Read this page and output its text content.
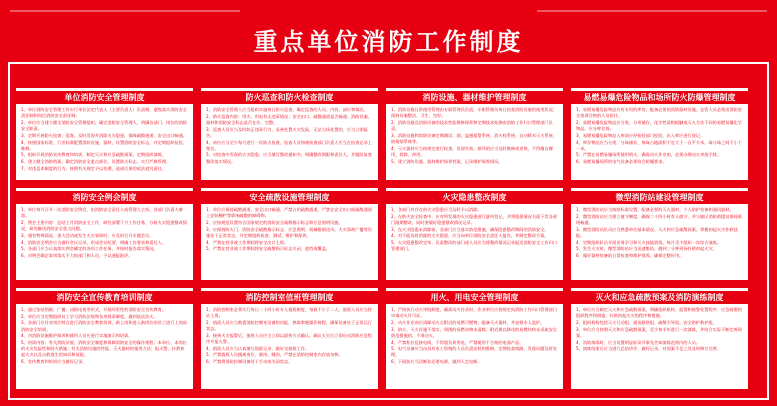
重点单位消防工作制度
单位消防安全管理制度

1、单位消防安全管理工作实行单位法定代表人（主要负责人）负责制，逐级落实消防安全责任制和岗位消防安全责任制。

2、单位应当建立健全消防安全管理组织，确定消防安全管理人，明确各部门、岗位的消防安全职责。

3、定期开展防火检查、巡查，及时发现并消除火灾隐患，保障疏散通道、安全出口畅通。

4、按照国家标准、行业标准配置消防设施、器材，设置消防安全标志，并定期组织检验、维修。

5、组织开展消防宣传教育和培训，制定灭火和应急疏散预案，定期组织演练。

6、建立健全消防档案，确定消防安全重点部位，设置防火标志，实行严格管理。

7、对违反本制度的行为，按照有关规定予以处理，造成后果的依法追究责任。

防火巡查和防火检查制度

1、消防安全管理人应当组织实施每日防火巡查，确定巡查的人员、内容、部位和频次。

2、防火巡查内容：用火、用电有无违章情况；安全出口、疏散通道是否畅通；消防设施、器材和消防安全标志是否在位、完整。

3、巡查人员应当及时纠正违章行为，妥善处置火灾危险，无法当场处置的，应当立即报告。

4、单位应当至少每月进行一次防火检查，检查人员和被检查部门负责人应当在检查记录上签名。

5、对检查中发现的火灾隐患，应当填写整改通知书，明确整改期限和责任人，并跟踪复查整改落实情况。

消防设施、器材维护管理制度

1、消防设施日常使用管理由专职管理员负责，专职管理员每日检查消防设施的使用状况，保持设施整洁、卫生、完好。

2、消防设施及消防设备的技术性能维修保养和定期技术检测由消防工作归口管理部门负责。

3、消防设施和消防设备定期测试：烟、温感报警系统、消火栓系统、自动喷水灭火系统、防排烟系统等。

4、灭火器材应当按规定进行检查，发现失效、损坏的应当及时维修或更换，不得擅自挪用、拆除、停用。

5、建立消防设施、器材维护保养档案，记录维护保养情况。

易燃易爆危险物品和场所防火防爆管理制度

1、易燃易爆危险物品应有专用的库房，配备必要的消防器材设施，仓管人员必须由消防安全培训合格的人员担任。

2、易燃易爆危险物品应分类、分项储存，化学性质相抵触或灭火方法不同的易燃易爆化学物品，应分库存放。

3、易燃易爆危险物品入库前应经检验部门检验，出入库应进行登记。

4、库存物品应当分类、分垛储存，每垛占地面积不宜大于一百平方米，垛与垛之间不小于一米。

5、严禁在易燃易爆场所使用明火，确需动火作业的，必须办理动火审批手续。

6、易燃易爆场所的电气设备必须符合防爆要求。

消防安全例会制度

1、单位每月召开一次消防安全例会，由消防安全责任人或管理人主持，各部门负责人参加。

2、例会主要内容：总结上月消防安全工作，研究部署下月工作任务，分析火灾隐患整改情况，研究解决消防安全重大问题。

3、遇有特殊情况、重大活动或发生火灾事故时，应及时召开专题会议。

4、消防安全例会应当做好会议记录，形成会议纪要，明确工作要求和责任人。

5、各部门应当认真落实例会确定的各项工作任务，并按时报告落实情况。

6、对例会确定事项落实不力的部门和人员，予以通报批评。

安全疏散设施管理制度

1、单位应保持疏散通道、安全出口畅通，严禁占用疏散通道，严禁在安全出口或疏散通道上安装栅栏等影响疏散的障碍物。

2、应按规范设置符合国家规定的消防安全疏散指示标志和应急照明设施。

3、应保持防火门、消防安全疏散指示标志、应急照明、机械排烟送风、火灾事故广播等设施处于正常状态，并定期组织检查、测试、维护和保养。

4、严禁在营业或工作期间将安全出口上锁。

5、严禁在营业或工作期间将安全疏散指示标志关闭、遮挡或覆盖。

火灾隐患整改制度

1、各部门对存在的火灾隐患应当及时予以消除。

2、在防火安全检查中，应对所发现的火灾隐患进行逐项登记，并将隐患情况书面下发各部门限期整改，同时要做好隐患整改情况记录。

3、在火灾隐患未消除前，各部门应当落实防范措施，确保隐患整改期间的消防安全。

4、对不能及时消除的火灾隐患，应当向单位消防安全责任人报告，并制定整改方案。

5、火灾隐患整改完毕，负责整改的部门或人员应当将整改情况记录报送消防安全工作归口管理部门。

微型消防站建设管理制度

1、微型消防站应当按照标准设置，配备必要的灭火器材、个人防护装备和通讯器材。

2、微型消防站应当建立值守制度，确保二十四小时有人值守，并与辖区消防救援站保持联络畅通。

3、微型消防站队员应当熟悉单位基本情况、灭火和应急疏散预案，掌握初起火灾扑救技能。

4、定期组织队员开展业务学习和灭火技能训练，每月至少组织一次综合演练。

5、发生火灾时，微型消防站应当迅速集结，做到三分钟到场扑救初起火灾。

6、做好器材装备的日常检查和维护保养，确保完整好用。

消防安全宣传教育培训制度

1、通过张贴图画、广播、闭路电视等形式，开展经常性的消防安全宣传教育。

2、单位应当定期组织员工学习消防法规和各项规章制度，做到依法治火。

3、各部门应针对岗位特点进行消防安全教育培训，新上岗和进入新岗位的员工进行上岗前消防安全培训。

4、对消防设施维护保养和使用人员应进行实地演示和培训。

5、培训内容：有关消防法规、消防安全制度和保障消防安全的操作规程；本单位、本岗位的火灾危险性和防火措施；有关消防设施的性能、灭火器材的使用方法；报火警、扑救初起火灾以及自救逃生的知识和技能。

6、宣传教育和培训应当做好记录。

消防控制室值班管理制度

1、消防控制室必须实行每日二十四小时专人值班制度，每班不少于二人，值班人员应当持证上岗。

2、值班人员应当熟悉消防控制室设备的功能，熟练掌握操作规程，确保设备处于正常运行状态。

3、接到火灾报警后，值班人员应当立即以最快方式确认，确认火灾后立即启动消防应急程序并报火警。

4、值班人员应当认真填写值班记录，做好交接班工作。

5、严禁值班人员擅离岗位、脱岗、睡岗，严禁在消防控制室内存放杂物。

6、严禁将消防控制设备处于手动或关闭状态。

用火、用电安全管理制度

1、严格执行动火审批制度，确需动火作业时，作业单位应按规定向消防工作归口管理部门申请动火许可证。

2、动火作业前应清除动火点附近的易燃可燃物，配备灭火器材，并安排专人监护。

3、防火、灭火设施不落实，周围的易燃杂物未清除，附近难以移动的易燃结构未采取安全防范措施的，不准动火。

4、严禁私拉乱接电线，不得超负荷用电，严禁使用不合格的电器产品。

5、电气设备应当由具有电工资格的人员负责安装和维修，定期检查线路，发现问题及时处理。

6、下班前应当切断非必要电源，做到人走电断。

灭火和应急疏散预案及消防演练制度

1、单位应当制定灭火和应急疏散预案，明确组织机构、报警和接警处置程序、应急疏散的组织程序和措施、扑救初起火灾的程序和措施。

2、组织机构包括灭火行动组、通讯联络组、疏散引导组、安全防护救护组。

3、单位应当按照灭火和应急疏散预案，至少每半年进行一次演练，并结合实际不断完善预案。

4、消防演练时，应当设置明显标识并事先告知演练范围内的人员。

5、演练结束后应当进行总结讲评，做好记录，对预案不足之处及时修订完善。
